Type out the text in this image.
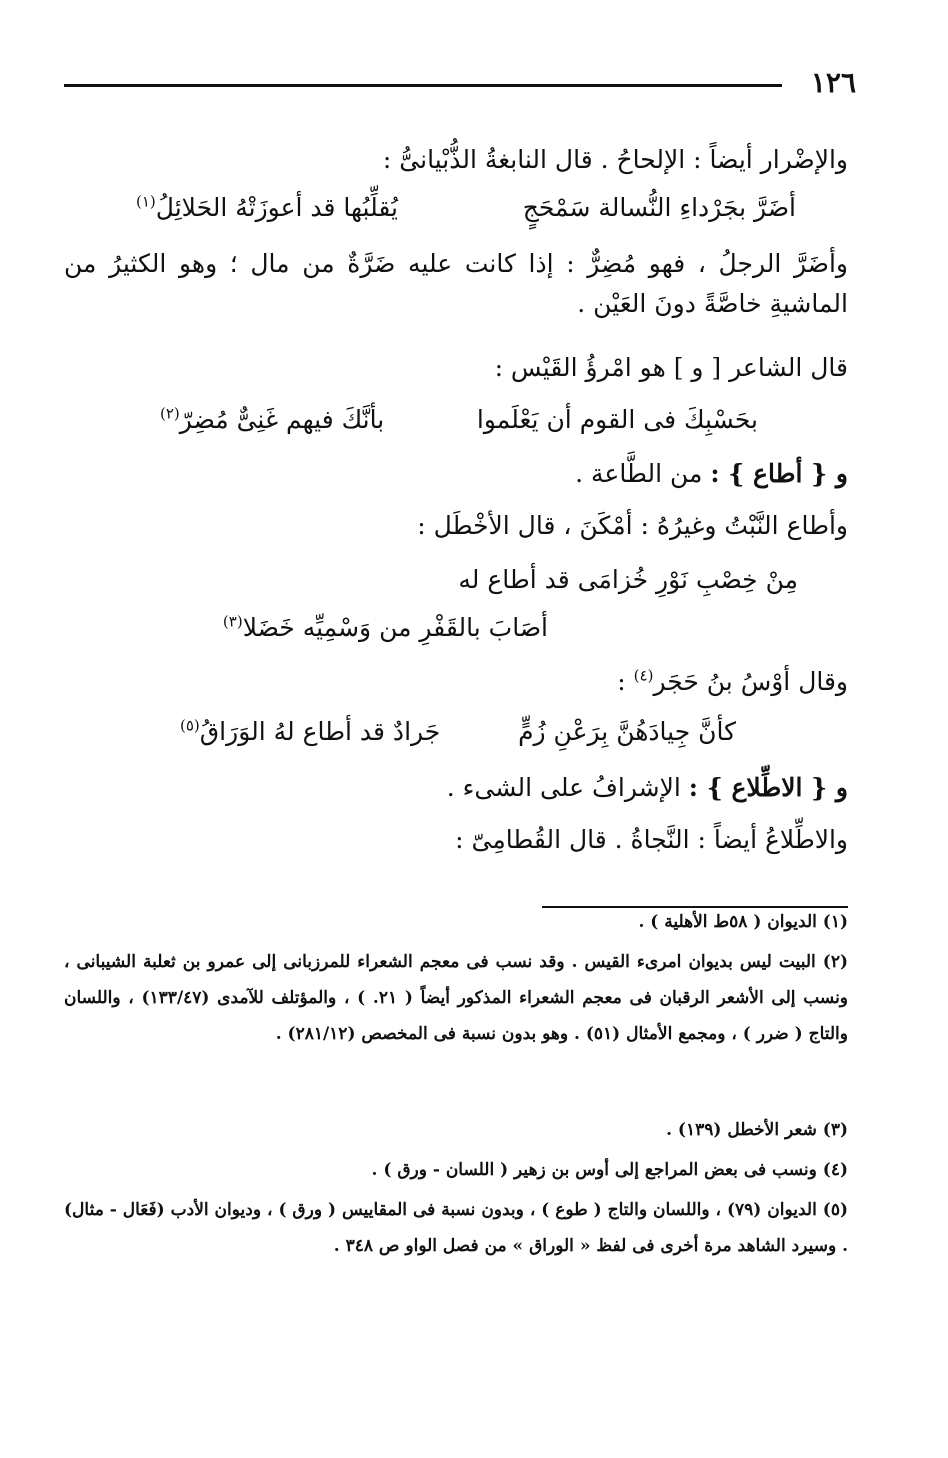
١٢٦
والإضْرار أيضاً : الإلحاحُ . قال النابغةُ الذُّبْيانىُّ :
أضَرَّ بجَرْداءِ النُّسالة سَمْحَجٍ
يُقلِّبُها قد أعوزَتْهُ الحَلائِلُ$^{(١)}$
وأضَرَّ الرجلُ ، فهو مُضِرٌّ : إذا كانت عليه ضَرَّةٌ من مال ؛ وهو الكثيرُ من الماشيةِ خاصَّةً دونَ العَيْن .
قال الشاعر [ و ] هو امْرؤُ القَيْس :
بحَسْبِكَ فى القوم أن يَعْلَموا
بأنَّكَ فيهم غَنِىٌّ مُضِرّ$^{(٢)}$
و { أطاع } : من الطَّاعة .
وأطاع النَّبْتُ وغيرُهُ : أمْكَنَ ، قال الأخْطَل :
مِنْ خِصْبِ نَوْرِ خُزامَى قد أطاع له
أصَابَ بالقَفْرِ من وَسْمِيِّه خَضَلا$^{(٣)}$
وقال أوْسُ بنُ حَجَر$^{(٤)}$ :
كأنَّ جِيادَهُنَّ بِرَعْنِ زُمٍّ
جَرادٌ قد أطاع لهُ الوَرَاقُ$^{(٥)}$
و { الاطِّلاع } : الإشرافُ على الشىء .
والاطِّلاعُ أيضاً : النَّجاةُ . قال القُطامِىّ :
(١) الديوان ( ٥٨ط الأهلية ) .
(٢) البيت ليس بديوان امرىء القيس . وقد نسب فى معجم الشعراء للمرزبانى إلى عمرو بن ثعلبة الشيبانى ، ونسب إلى الأشعر الرقبان فى معجم الشعراء المذكور أيضاً ( ٢١. ) ، والمؤتلف للآمدى (١٣٣/٤٧) ، واللسان والتاج ( ضرر ) ، ومجمع الأمثال (٥١) . وهو بدون نسبة فى المخصص (٢٨١/١٢) .
(٣) شعر الأخطل (١٣٩) .
(٤) ونسب فى بعض المراجع إلى أوس بن زهير ( اللسان - ورق ) .
(٥) الديوان (٧٩) ، واللسان والتاج ( طوع ) ، وبدون نسبة فى المقاييس ( ورق ) ، وديوان الأدب (فَعَال - مثال) . وسيرد الشاهد مرة أخرى فى لفظ « الوراق » من فصل الواو ص ٣٤٨ .
